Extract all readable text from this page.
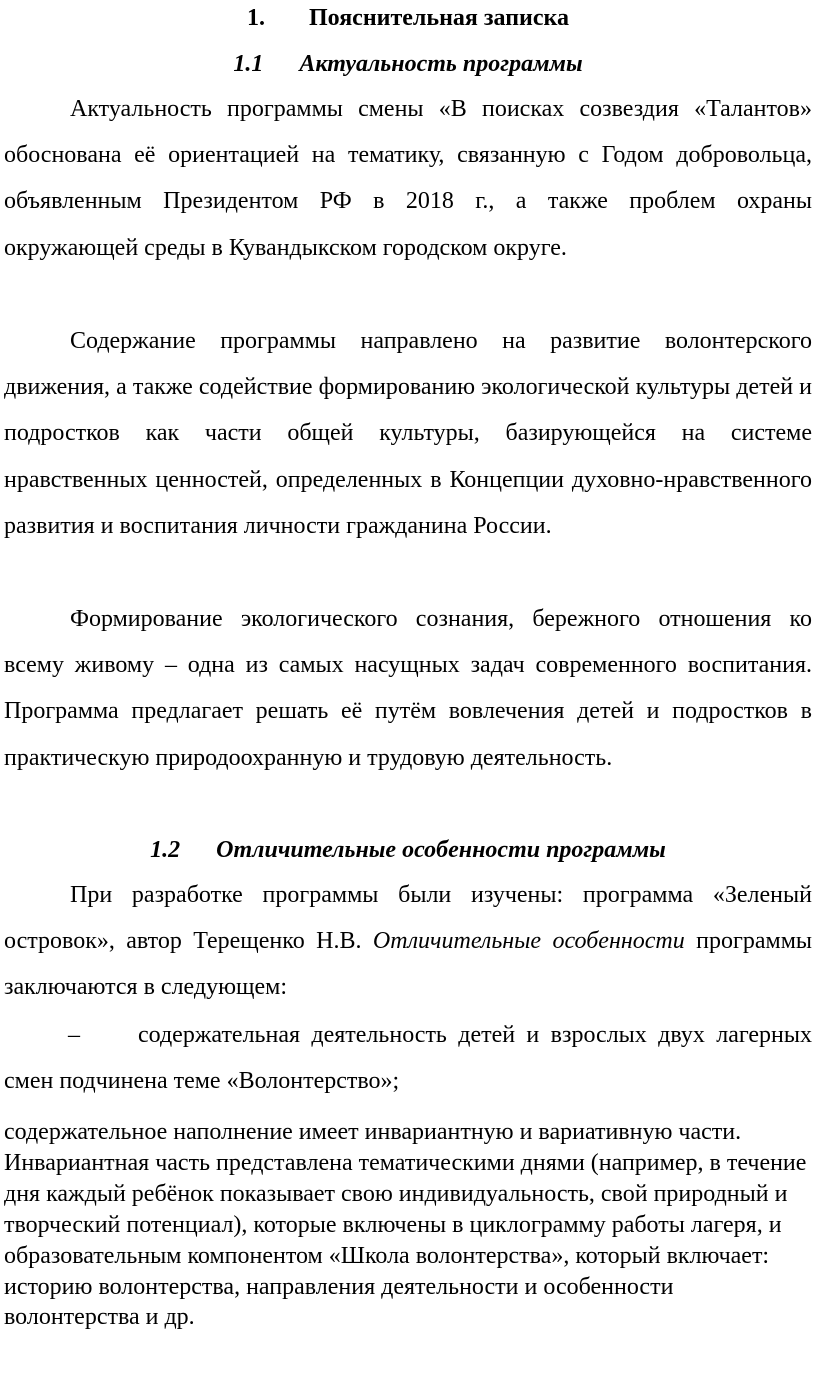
1. Пояснительная записка
1.1 Актуальность программы

Актуальность программы смены «В поисках созвездия «Талантов» обоснована её ориентацией на тематику, связанную с Годом добровольца, объявленным Президентом РФ в 2018 г., а также проблем охраны окружающей среды в Кувандыкском городском округе.

Содержание программы направлено на развитие волонтерского движения, а также содействие формированию экологической культуры детей и подростков как части общей культуры, базирующейся на системе нравственных ценностей, определенных в Концепции духовно-нравственного развития и воспитания личности гражданина России.

Формирование экологического сознания, бережного отношения ко всему живому – одна из самых насущных задач современного воспитания. Программа предлагает решать её путём вовлечения детей и подростков в практическую природоохранную и трудовую деятельность.

1.2 Отличительные особенности программы

При разработке программы были изучены: программа «Зеленый островок», автор Терещенко Н.В. Отличительные особенности программы заключаются в следующем:

– содержательная деятельность детей и взрослых двух лагерных смен подчинена теме «Волонтерство»;

содержательное наполнение имеет инвариантную и вариативную части. Инвариантная часть представлена тематическими днями (например, в течение дня каждый ребёнок показывает свою индивидуальность, свой природный и творческий потенциал), которые включены в циклограмму работы лагеря, и образовательным компонентом «Школа волонтерства», который включает: историю волонтерства, направления деятельности и особенности волонтерства и др.
